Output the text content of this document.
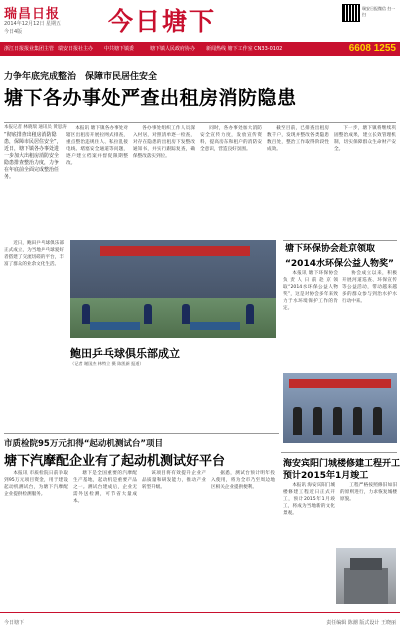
瑞昌日报
2014年12月12日 星期五
今日4版	今日塘下	瑞安日报微信 扫一扫
浙江日报报业集团主管 瑞安日报社主办 中共塘下镇委	塘下镇人民政府协办 新闻热线 塘下工作室 CN33-0102	6608 1255
力争年底完成整治　保障市民居住安全
塘下各办事处严查出租房消防隐患
本报记者 林晓瑞 通讯员 黄思涛
“彻底排查出租房消防隐患，保障市民居住安全”，近日，塘下镇各办事处进一步加大出租房消防安全隐患排查整治力度，力争在年底前全面完成整治任务。

本报讯 塘下镇各办事处对辖区出租房开展拉网式排查，重点整治违规住人、私拉乱接电线、堵塞安全通道等问题，逐户建立档案并督促限期整改。

各办事处组织工作人员深入村居，对照清单逐一检查，对存在隐患的出租房下发整改通知书，并实行跟踪复查，确保整改落实到位。

同时，各办事处加大消防安全宣传力度，发放宣传资料，提高房东和租户的消防安全意识，营造良好氛围。

截至目前，已排查出租房数千户，发现并整改各类隐患数百处，整治工作取得阶段性成效。

下一步，塘下镇将继续巩固整治成果，建立长效管理机制，切实保障群众生命财产安全。

鲍田乒乓球俱乐部成立
（记者 谢国杰 林特立 摄 陈凯新 报道）

近日，鲍田乒乓球俱乐部正式成立，为当地乒乓球爱好者搭建了交流切磋的平台，丰富了群众的业余文化生活。

塘下环保协会赴京领取
“2014水环保公益人物奖”

本报讯 塘下环保协会负责人日前赴京领取“2014水环保公益人物奖”，这是对协会多年来致力于水环境保护工作的肯定。

协会成立以来，积极开展河道巡查、环保宣传等公益活动，带动越来越多的群众参与到治水护水行动中来。

市质检院95万元扣得“起动机测试台”项目
塘下汽摩配企业有了起动机测试好平台

本报讯 市质检院日前争取到95万元项目资金，用于建设起动机测试台，为塘下汽摩配企业提供检测服务。

塘下是全国重要的汽摩配生产基地，起动机是重要产品之一。测试台建成后，企业无需外送检测，可节省大量成本。

该项目将有效提升企业产品质量和研发能力，推动产业转型升级。

据悉，测试台预计明年投入使用，将为全市乃至周边地区相关企业提供便利。

海安宾阳门城楼修建工程开工
预计2015年1月竣工

本报讯 海安宾阳门城楼修建工程近日正式开工，预计2015年1月竣工，将成为当地新的文化景观。

工程严格按照修旧如旧的原则进行，力求恢复城楼原貌。

今日塘下	责任编辑 陈潮 版式设计 王晓丽
